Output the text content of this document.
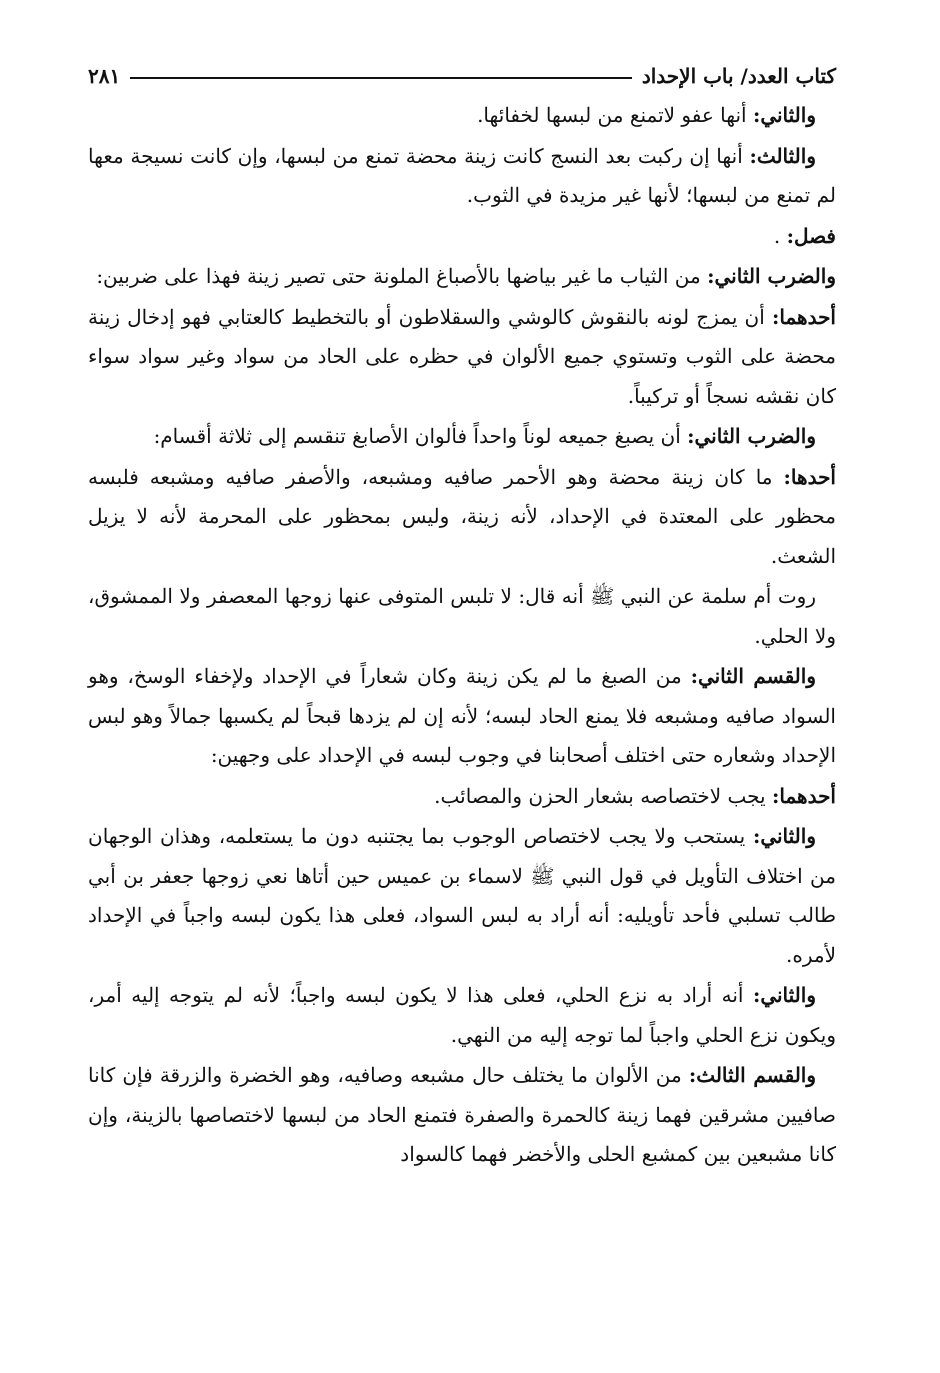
كتاب العدد/ باب الإحداد
٢٨١

والثاني: أنها عفو لاتمنع من لبسها لخفائها.

والثالث: أنها إن ركبت بعد النسج كانت زينة محضة تمنع من لبسها، وإن كانت نسيجة معها لم تمنع من لبسها؛ لأنها غير مزيدة في الثوب.

فصل: .

والضرب الثاني: من الثياب ما غير بياضها بالأصباغ الملونة حتى تصير زينة فهذا على ضربين:

أحدهما: أن يمزج لونه بالنقوش كالوشي والسقلاطون أو بالتخطيط كالعتابي فهو إدخال زينة محضة على الثوب وتستوي جميع الألوان في حظره على الحاد من سواد وغير سواد سواء كان نقشه نسجاً أو تركيباً.

والضرب الثاني: أن يصبغ جميعه لوناً واحداً فألوان الأصابغ تنقسم إلى ثلاثة أقسام:

أحدها: ما كان زينة محضة وهو الأحمر صافيه ومشبعه، والأصفر صافيه ومشبعه فلبسه محظور على المعتدة في الإحداد، لأنه زينة، وليس بمحظور على المحرمة لأنه لا يزيل الشعث.

روت أم سلمة عن النبي ﷺ أنه قال: لا تلبس المتوفى عنها زوجها المعصفر ولا الممشوق، ولا الحلي.

والقسم الثاني: من الصبغ ما لم يكن زينة وكان شعاراً في الإحداد ولإخفاء الوسخ، وهو السواد صافيه ومشبعه فلا يمنع الحاد لبسه؛ لأنه إن لم يزدها قبحاً لم يكسبها جمالاً وهو لبس الإحداد وشعاره حتى اختلف أصحابنا في وجوب لبسه في الإحداد على وجهين:

أحدهما: يجب لاختصاصه بشعار الحزن والمصائب.

والثاني: يستحب ولا يجب لاختصاص الوجوب بما يجتنبه دون ما يستعلمه، وهذان الوجهان من اختلاف التأويل في قول النبي ﷺ لاسماء بن عميس حين أتاها نعي زوجها جعفر بن أبي طالب تسلبي فأحد تأويليه: أنه أراد به لبس السواد، فعلى هذا يكون لبسه واجباً في الإحداد لأمره.

والثاني: أنه أراد به نزع الحلي، فعلى هذا لا يكون لبسه واجباً؛ لأنه لم يتوجه إليه أمر، ويكون نزع الحلي واجباً لما توجه إليه من النهي.

والقسم الثالث: من الألوان ما يختلف حال مشبعه وصافيه، وهو الخضرة والزرقة فإن كانا صافيين مشرقين فهما زينة كالحمرة والصفرة فتمنع الحاد من لبسها لاختصاصها بالزينة، وإن كانا مشبعين بين كمشبع الحلى والأخضر فهما كالسواد
